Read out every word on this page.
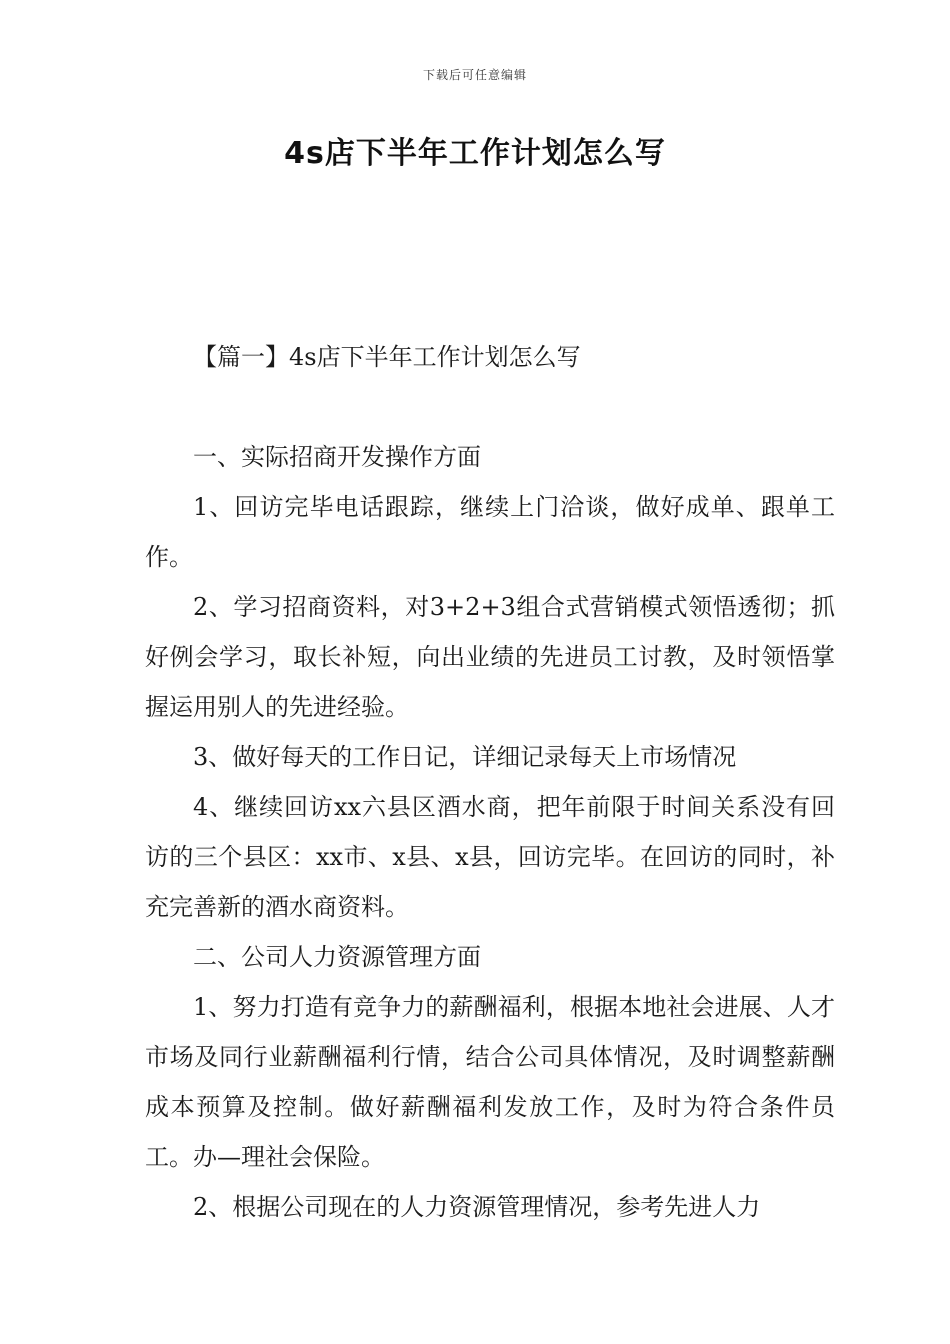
下载后可任意编辑
4s店下半年工作计划怎么写
【篇一】4s店下半年工作计划怎么写

一、实际招商开发操作方面

1、回访完毕电话跟踪，继续上门洽谈，做好成单、跟单工作。

2、学习招商资料，对3+2+3组合式营销模式领悟透彻；抓好例会学习，取长补短，向出业绩的先进员工讨教，及时领悟掌握运用别人的先进经验。

3、做好每天的工作日记，详细记录每天上市场情况

4、继续回访xx六县区酒水商，把年前限于时间关系没有回访的三个县区：xx市、x县、x县，回访完毕。在回访的同时，补充完善新的酒水商资料。

二、公司人力资源管理方面

1、努力打造有竞争力的薪酬福利，根据本地社会进展、人才市场及同行业薪酬福利行情，结合公司具体情况，及时调整薪酬成本预算及控制。做好薪酬福利发放工作，及时为符合条件员工。办—理社会保险。

2、根据公司现在的人力资源管理情况，参考先进人力
